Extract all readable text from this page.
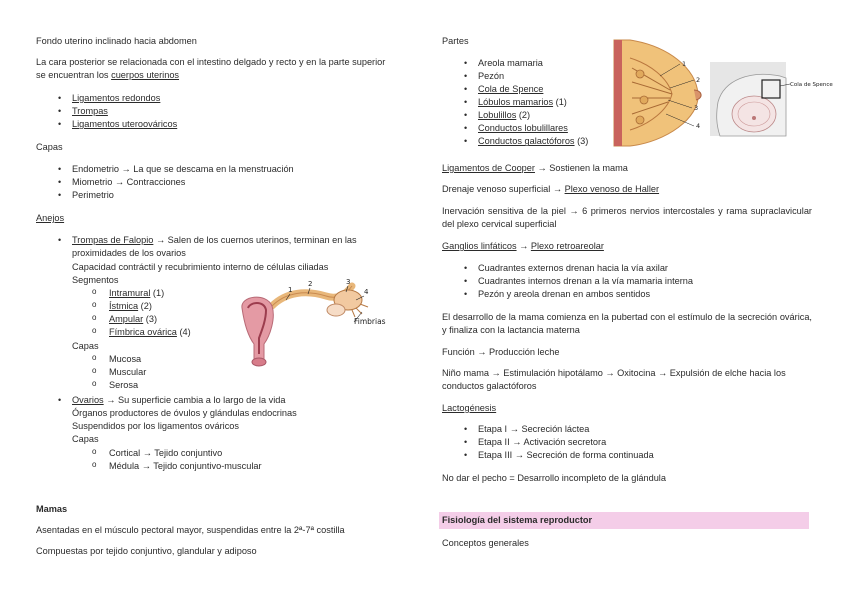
Fondo uterino inclinado hacia abdomen

La cara posterior se relacionada con el intestino delgado y recto y en la parte superior

se encuentran los cuerpos uterinos

• Ligamentos redondos
• Trompas
• Ligamentos uteroováricos

Capas

• Endometrio → La que se descama en la menstruación
• Miometrio → Contracciones
• Perimetrio

Anejos

• Trompas de Falopio → Salen de los cuernos uterinos, terminan en las

proximidades de los ovarios

Capacidad contráctil y recubrimiento interno de células ciliadas

Segmentos

o Intramural (1)
o Ístmica (2)
o Ampular (3)
o Fímbrica ovárica (4)

Capas

o Mucosa
o Muscular
o Serosa
• Ovarios → Su superficie cambia a lo largo de la vida

Órganos productores de óvulos y glándulas endocrinas

Suspendidos por los ligamentos ováricos

Capas

o Cortical → Tejido conjuntivo
o Médula → Tejido conjuntivo-muscular

Mamas

Asentadas en el músculo pectoral mayor, suspendidas entre la 2ª-7ª costilla

Compuestas por tejido conjuntivo, glandular y adiposo

1
2	3
4
Fimbrias

Partes

• Areola mamaria
• Pezón
• Cola de Spence
• Lóbulos mamarios (1)
• Lobulillos (2)
• Conductos lobulillares
• Conductos galactóforos (3)

Ligamentos de Cooper → Sostienen la mama

Drenaje venoso superficial → Plexo venoso de Haller

Inervación sensitiva de la piel → 6 primeros nervios intercostales y rama supraclavicular del plexo cervical superficial

Ganglios linfáticos → Plexo retroareolar

• Cuadrantes externos drenan hacia la vía axilar
• Cuadrantes internos drenan a la vía mamaria interna
• Pezón y areola drenan en ambos sentidos

El desarrollo de la mama comienza en la pubertad con el estímulo de la secreción ovárica, y finaliza con la lactancia materna

Función → Producción leche

Niño mama → Estimulación hipotálamo → Oxitocina → Expulsión de elche hacia los

conductos galactóforos

Lactogénesis

• Etapa I → Secreción láctea
• Etapa II → Activación secretora
• Etapa III → Secreción de forma continuada

No dar el pecho = Desarrollo incompleto de la glándula

Fisiología del sistema reproductor

Conceptos generales

1
2
3
4
Cola de Spence
